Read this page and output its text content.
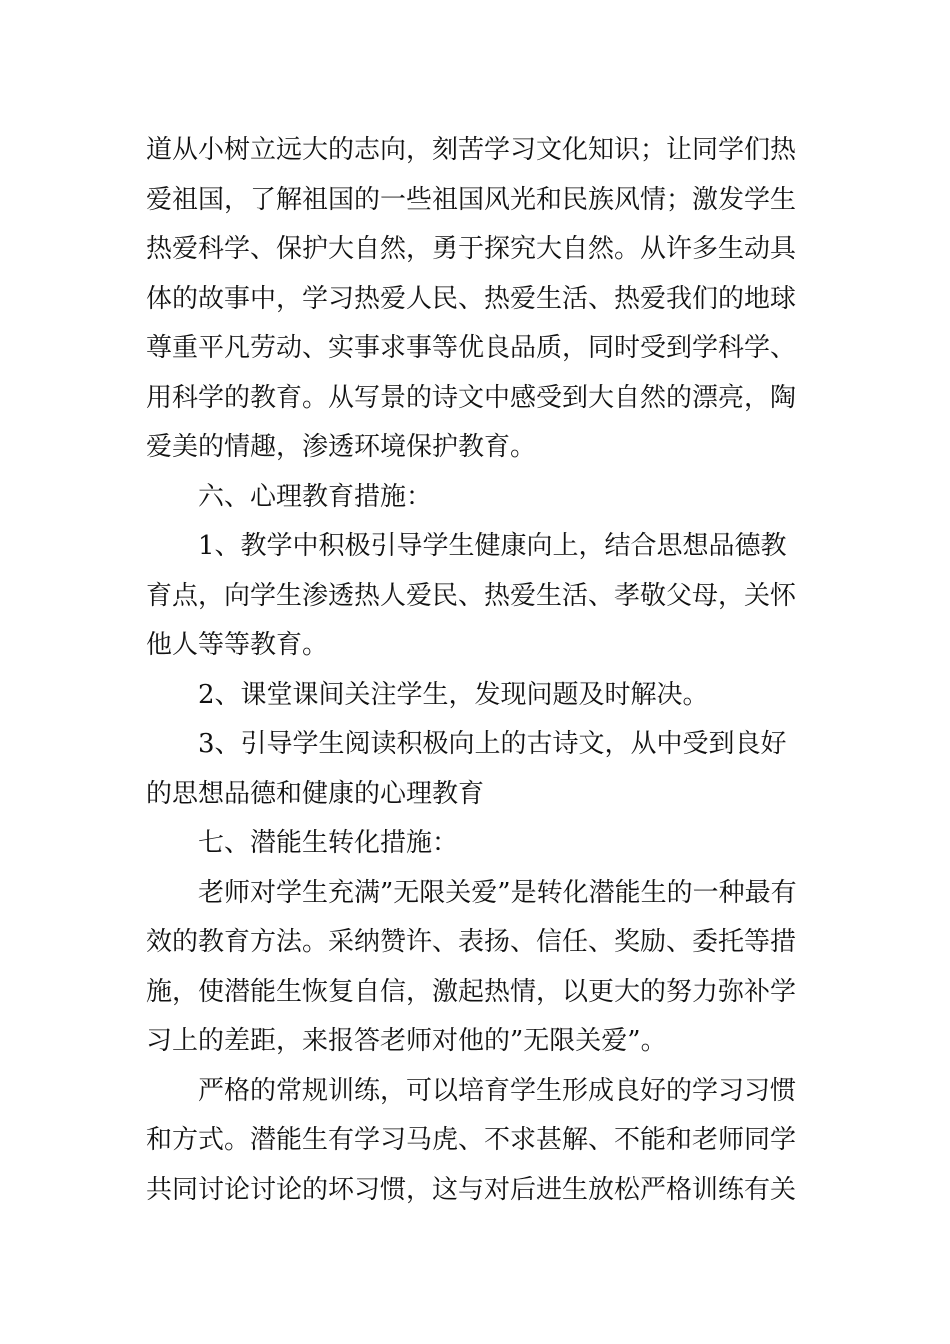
道从小树立远大的志向，刻苦学习文化知识；让同学们热爱祖国，了解祖国的一些祖国风光和民族风情；激发学生热爱科学、保护大自然，勇于探究大自然。从许多生动具体的故事中，学习热爱人民、热爱生活、热爱我们的地球尊重平凡劳动、实事求事等优良品质，同时受到学科学、用科学的教育。从写景的诗文中感受到大自然的漂亮，陶爱美的情趣，渗透环境保护教育。

六、心理教育措施：

1、教学中积极引导学生健康向上，结合思想品德教育点，向学生渗透热人爱民、热爱生活、孝敬父母，关怀他人等等教育。

2、课堂课间关注学生，发现问题及时解决。

3、引导学生阅读积极向上的古诗文，从中受到良好的思想品德和健康的心理教育

七、潜能生转化措施：

老师对学生充满”无限关爱”是转化潜能生的一种最有效的教育方法。采纳赞许、表扬、信任、奖励、委托等措施，使潜能生恢复自信，激起热情，以更大的努力弥补学习上的差距，来报答老师对他的”无限关爱”。

严格的常规训练，可以培育学生形成良好的学习习惯和方式。潜能生有学习马虎、不求甚解、不能和老师同学共同讨论讨论的坏习惯，这与对后进生放松严格训练有关
